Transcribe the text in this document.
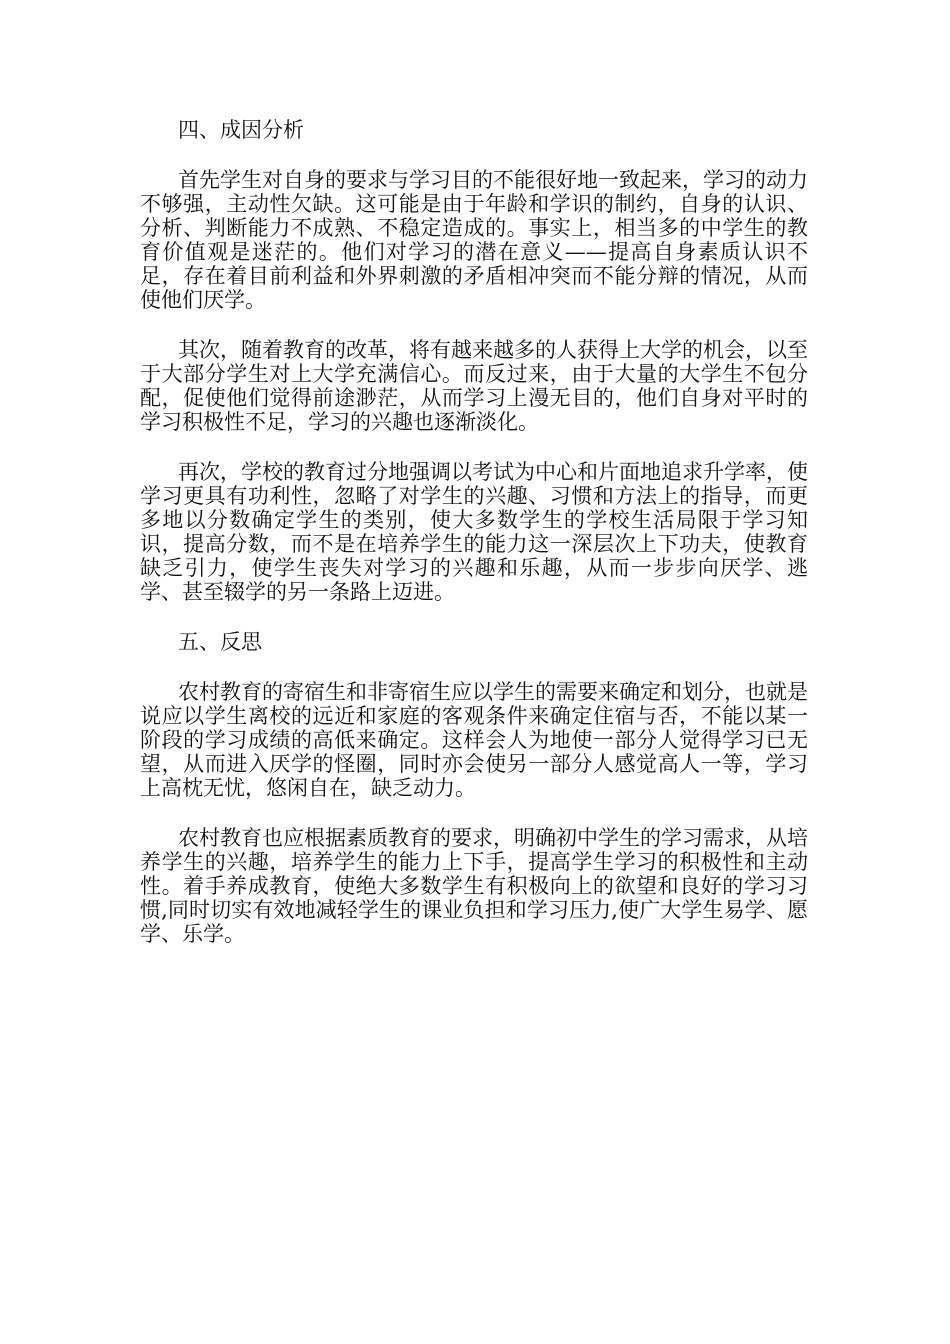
四、成因分析

首先学生对自身的要求与学习目的不能很好地一致起来，学习的动力不够强，主动性欠缺。这可能是由于年龄和学识的制约，自身的认识、分析、判断能力不成熟、不稳定造成的。事实上，相当多的中学生的教育价值观是迷茫的。他们对学习的潜在意义——提高自身素质认识不足，存在着目前利益和外界刺激的矛盾相冲突而不能分辩的情况，从而使他们厌学。

其次，随着教育的改革，将有越来越多的人获得上大学的机会，以至于大部分学生对上大学充满信心。而反过来，由于大量的大学生不包分配，促使他们觉得前途渺茫，从而学习上漫无目的，他们自身对平时的学习积极性不足，学习的兴趣也逐渐淡化。

再次，学校的教育过分地强调以考试为中心和片面地追求升学率，使学习更具有功利性，忽略了对学生的兴趣、习惯和方法上的指导，而更多地以分数确定学生的类别，使大多数学生的学校生活局限于学习知识，提高分数，而不是在培养学生的能力这一深层次上下功夫，使教育缺乏引力，使学生丧失对学习的兴趣和乐趣，从而一步步向厌学、逃学、甚至辍学的另一条路上迈进。

五、反思

农村教育的寄宿生和非寄宿生应以学生的需要来确定和划分，也就是说应以学生离校的远近和家庭的客观条件来确定住宿与否，不能以某一阶段的学习成绩的高低来确定。这样会人为地使一部分人觉得学习已无望，从而进入厌学的怪圈，同时亦会使另一部分人感觉高人一等，学习上高枕无忧，悠闲自在，缺乏动力。

农村教育也应根据素质教育的要求，明确初中学生的学习需求，从培养学生的兴趣，培养学生的能力上下手，提高学生学习的积极性和主动性。着手养成教育，使绝大多数学生有积极向上的欲望和良好的学习习惯,同时切实有效地减轻学生的课业负担和学习压力,使广大学生易学、愿学、乐学。
